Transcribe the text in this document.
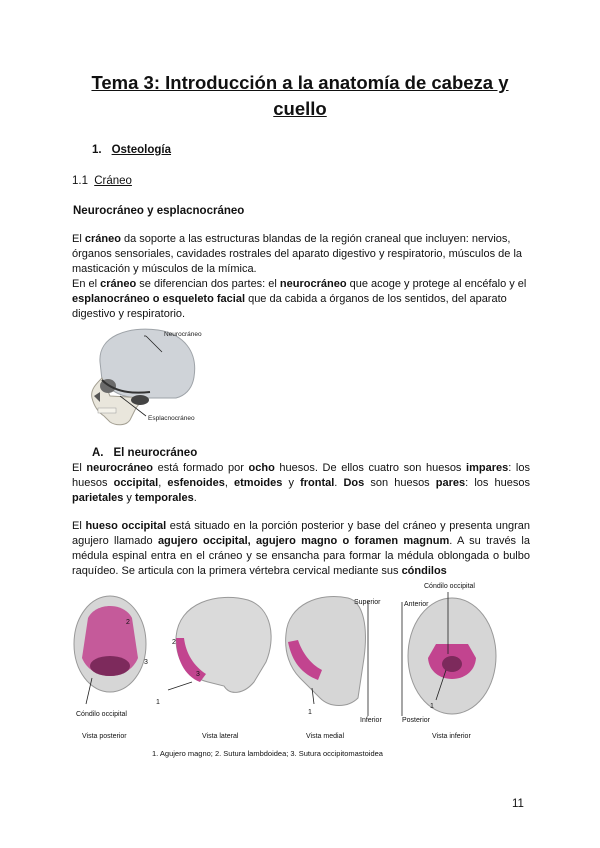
Tema 3: Introducción a la anatomía de cabeza y
cuello
1. Osteología
1.1 Cráneo
Neurocráneo y esplacnocráneo
El cráneo da soporte a las estructuras blandas de la región craneal que incluyen: nervios, órganos sensoriales, cavidades rostrales del aparato digestivo y respiratorio, músculos de la masticación y músculos de la mímica.
En el cráneo se diferencian dos partes: el neurocráneo que acoge y protege al encéfalo y el esplanocráneo o esqueleto facial que da cabida a órganos de los sentidos, del aparato digestivo y respiratorio.
Neurocráneo
Esplacnocráneo
A. El neurocráneo
El neurocráneo está formado por ocho huesos. De ellos cuatro son huesos impares: los huesos occipital, esfenoides, etmoides y frontal. Dos son huesos pares: los huesos parietales y temporales.
El hueso occipital está situado en la porción posterior y base del cráneo y presenta ungran agujero llamado agujero occipital, agujero magno o foramen magnum. A su través la médula espinal entra en el cráneo y se ensancha para formar la médula oblongada o bulbo raquídeo. Se articula con la primera vértebra cervical mediante sus cóndilos
2
3
Cóndilo occipital
2
3
1
1
Superior
Inferior
Anterior
Posterior
Cóndilo occipital
1
Vista posterior	Vista lateral	Vista medial	Vista inferior
1. Agujero magno; 2. Sutura lambdoidea; 3. Sutura occipitomastoidea
11
